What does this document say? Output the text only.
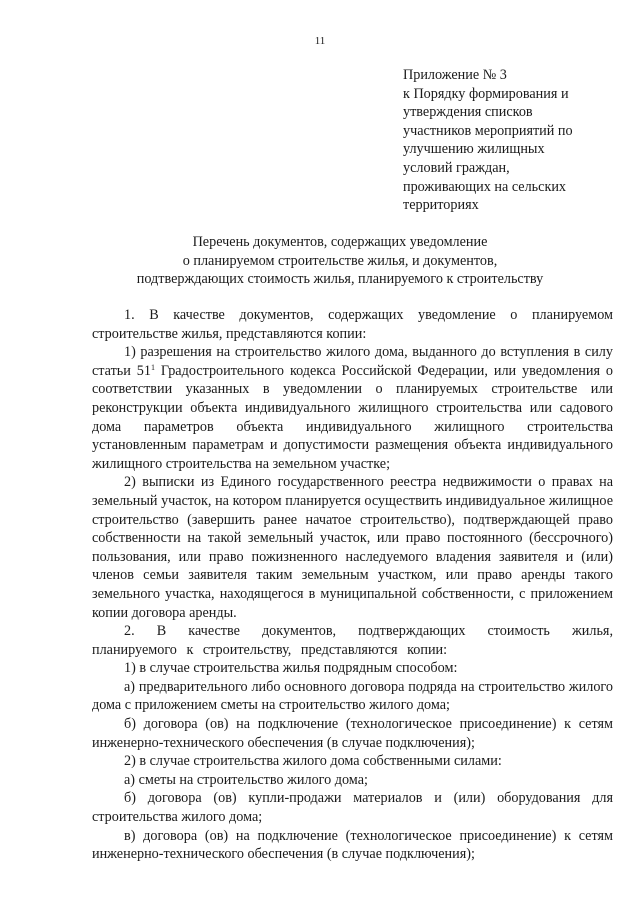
11
Приложение № 3
к Порядку формирования и
утверждения списков
участников мероприятий по
улучшению жилищных
условий граждан,
проживающих на сельских
территориях
Перечень документов, содержащих уведомление
о планируемом строительстве жилья, и документов,
подтверждающих стоимость жилья, планируемого к строительству

1. В качестве документов, содержащих уведомление о планируемом строительстве жилья, представляются копии:

1) разрешения на строительство жилого дома, выданного до вступления в силу статьи $51^1$ Градостроительного кодекса Российской Федерации, или уведомления о соответствии указанных в уведомлении о планируемых строительстве или реконструкции объекта индивидуального жилищного строительства или садового дома параметров объекта индивидуального жилищного строительства установленным параметрам и допустимости размещения объекта индивидуального жилищного строительства на земельном участке;

2) выписки из Единого государственного реестра недвижимости о правах на земельный участок, на котором планируется осуществить индивидуальное жилищное строительство (завершить ранее начатое строительство), подтверждающей право собственности на такой земельный участок, или право постоянного (бессрочного) пользования, или право пожизненного наследуемого владения заявителя и (или) членов семьи заявителя таким земельным участком, или право аренды такого земельного участка, находящегося в муниципальной собственности, с приложением копии договора аренды.

2. В качестве документов, подтверждающих стоимость жилья, планируемого к строительству, представляются копии:

1) в случае строительства жилья подрядным способом:

а) предварительного либо основного договора подряда на строительство жилого дома с приложением сметы на строительство жилого дома;

б) договора (ов) на подключение (технологическое присоединение) к сетям инженерно-технического обеспечения (в случае подключения);

2) в случае строительства жилого дома собственными силами:

а) сметы на строительство жилого дома;

б) договора (ов) купли-продажи материалов и (или) оборудования для строительства жилого дома;

в) договора (ов) на подключение (технологическое присоединение) к сетям инженерно-технического обеспечения (в случае подключения);
